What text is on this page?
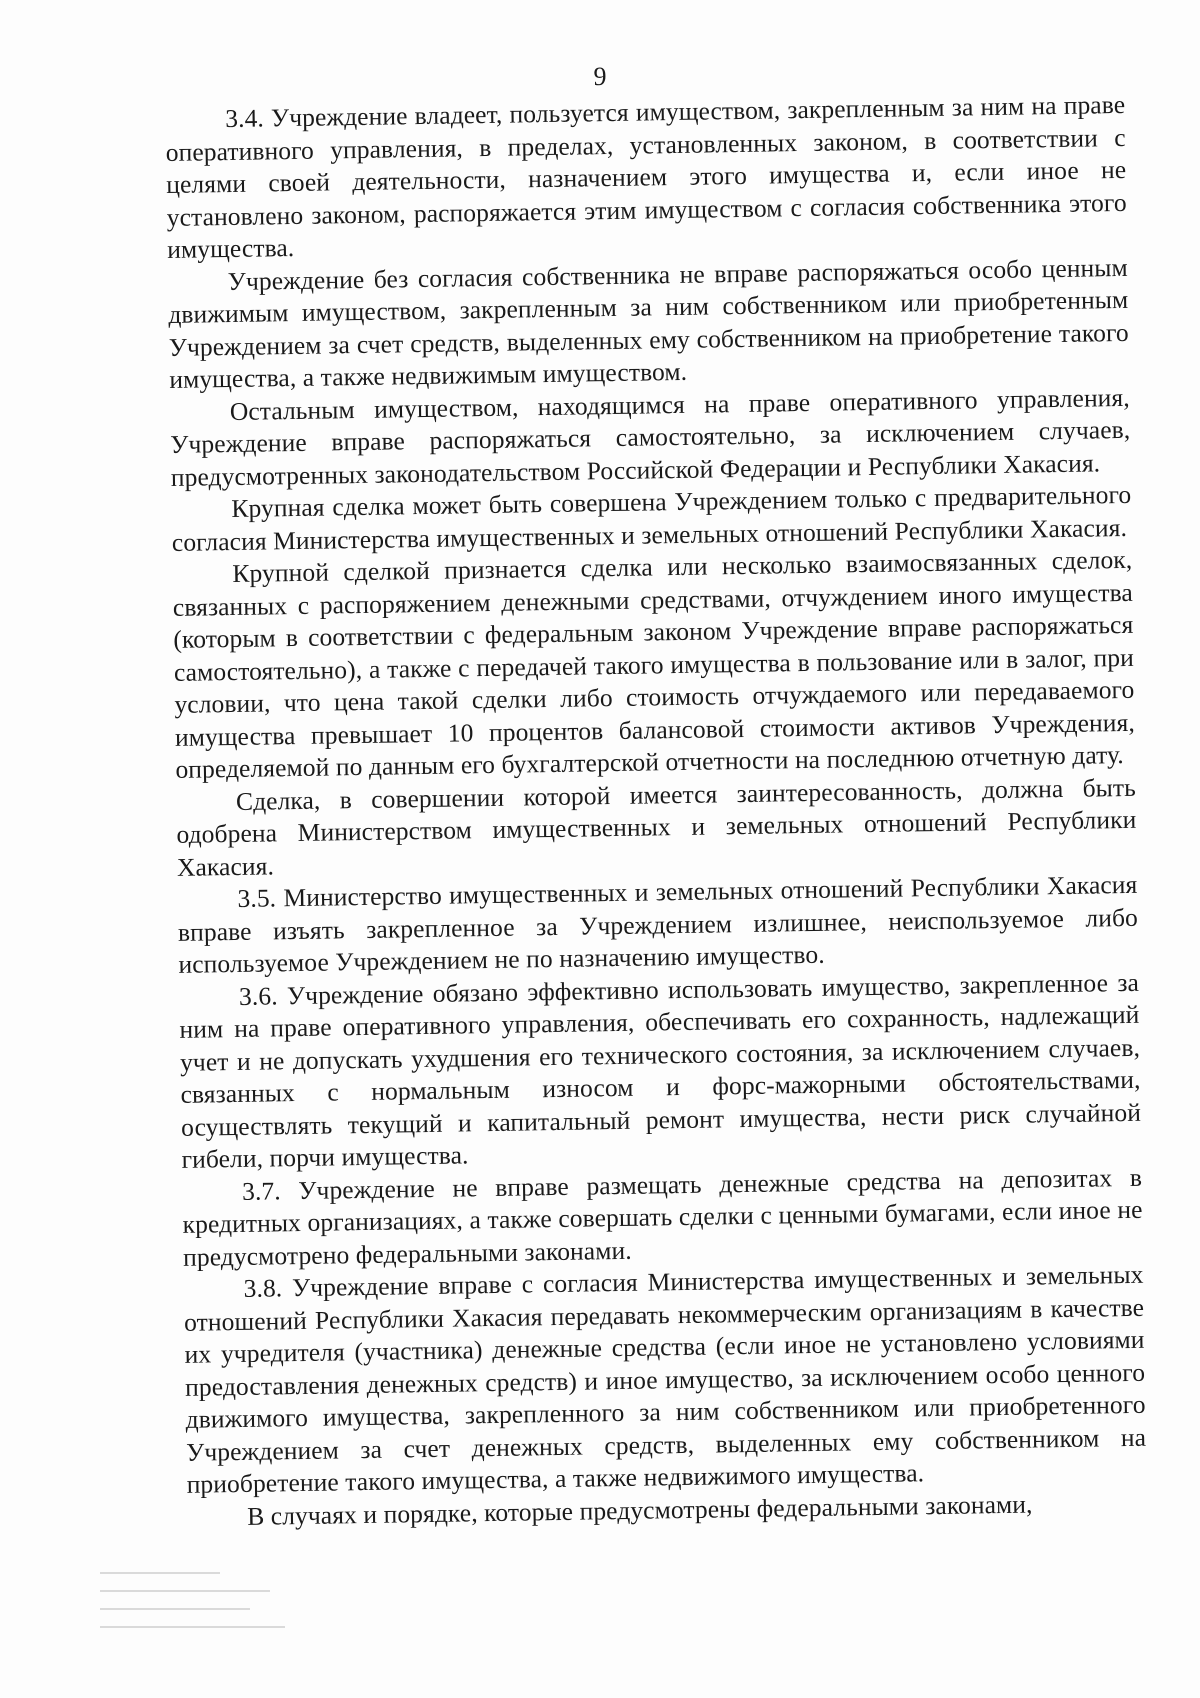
9

3.4. Учреждение владеет, пользуется имуществом, закрепленным за ним на праве оперативного управления, в пределах, установленных законом, в соответствии с целями своей деятельности, назначением этого имущества и, если иное не установлено законом, распоряжается этим имуществом с согласия собственника этого имущества.

Учреждение без согласия собственника не вправе распоряжаться особо ценным движимым имуществом, закрепленным за ним собственником или приобретенным Учреждением за счет средств, выделенных ему собственником на приобретение такого имущества, а также недвижимым имуществом.

Остальным имуществом, находящимся на праве оперативного управления, Учреждение вправе распоряжаться самостоятельно, за исключением случаев, предусмотренных законодательством Российской Федерации и Республики Хакасия.

Крупная сделка может быть совершена Учреждением только с предварительного согласия Министерства имущественных и земельных отношений Республики Хакасия.

Крупной сделкой признается сделка или несколько взаимосвязанных сделок, связанных с распоряжением денежными средствами, отчуждением иного имущества (которым в соответствии с федеральным законом Учреждение вправе распоряжаться самостоятельно), а также с передачей такого имущества в пользование или в залог, при условии, что цена такой сделки либо стоимость отчуждаемого или передаваемого имущества превышает 10 процентов балансовой стоимости активов Учреждения, определяемой по данным его бухгалтерской отчетности на последнюю отчетную дату.

Сделка, в совершении которой имеется заинтересованность, должна быть одобрена Министерством имущественных и земельных отношений Республики Хакасия.

3.5. Министерство имущественных и земельных отношений Республики Хакасия вправе изъять закрепленное за Учреждением излишнее, неиспользуемое либо используемое Учреждением не по назначению имущество.

3.6. Учреждение обязано эффективно использовать имущество, закрепленное за ним на праве оперативного управления, обеспечивать его сохранность, надлежащий учет и не допускать ухудшения его технического состояния, за исключением случаев, связанных с нормальным износом и форс-мажорными обстоятельствами, осуществлять текущий и капитальный ремонт имущества, нести риск случайной гибели, порчи имущества.

3.7. Учреждение не вправе размещать денежные средства на депозитах в кредитных организациях, а также совершать сделки с ценными бумагами, если иное не предусмотрено федеральными законами.

3.8. Учреждение вправе с согласия Министерства имущественных и земельных отношений Республики Хакасия передавать некоммерческим организациям в качестве их учредителя (участника) денежные средства (если иное не установлено условиями предоставления денежных средств) и иное имущество, за исключением особо ценного движимого имущества, закрепленного за ним собственником или приобретенного Учреждением за счет денежных средств, выделенных ему собственником на приобретение такого имущества, а также недвижимого имущества.

В случаях и порядке, которые предусмотрены федеральными законами,
